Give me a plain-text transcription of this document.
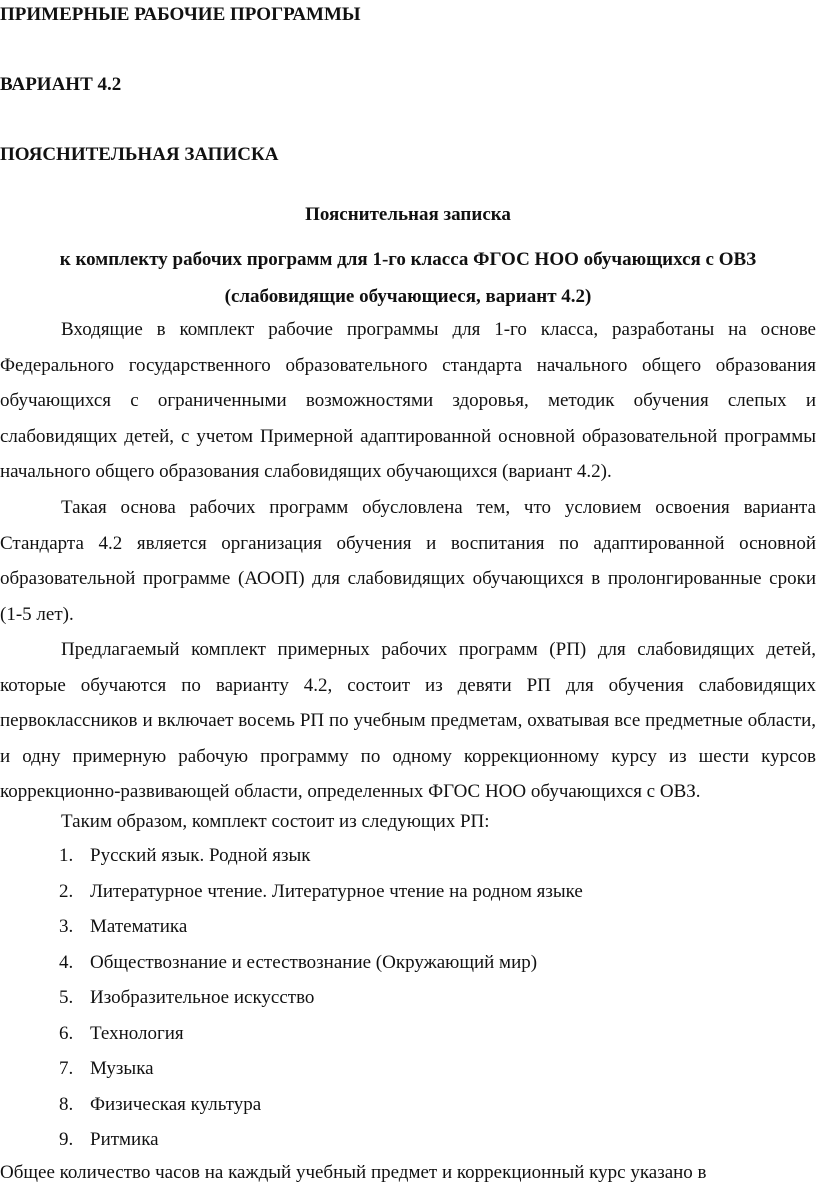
ПРИМЕРНЫЕ РАБОЧИЕ ПРОГРАММЫ
ВАРИАНТ 4.2
ПОЯСНИТЕЛЬНАЯ ЗАПИСКА
Пояснительная записка
к комплекту рабочих программ для 1-го класса ФГОС НОО обучающихся с ОВЗ
(слабовидящие обучающиеся, вариант 4.2)

Входящие в комплект рабочие программы для 1-го класса, разработаны на основе Федерального государственного образовательного стандарта начального общего образования обучающихся с ограниченными возможностями здоровья, методик обучения слепых и слабовидящих детей, с учетом Примерной адаптированной основной образовательной программы начального общего образования слабовидящих обучающихся (вариант 4.2).

Такая основа рабочих программ обусловлена тем, что условием освоения варианта Стандарта 4.2 является организация обучения и воспитания по адаптированной основной образовательной программе (АООП) для слабовидящих обучающихся в пролонгированные сроки (1-5 лет).

Предлагаемый комплект примерных рабочих программ (РП) для слабовидящих детей, которые обучаются по варианту 4.2, состоит из девяти РП для обучения слабовидящих первоклассников и включает восемь РП по учебным предметам, охватывая все предметные области, и одну примерную рабочую программу по одному коррекционному курсу из шести курсов коррекционно-развивающей области, определенных ФГОС НОО обучающихся с ОВЗ.

Таким образом, комплект состоит из следующих РП:
1. Русский язык. Родной язык
2. Литературное чтение. Литературное чтение на родном языке
3. Математика
4. Обществознание и естествознание (Окружающий мир)
5. Изобразительное искусство
6. Технология
7. Музыка
8. Физическая культура
9. Ритмика
Общее количество часов на каждый учебный предмет и коррекционный курс указано в
